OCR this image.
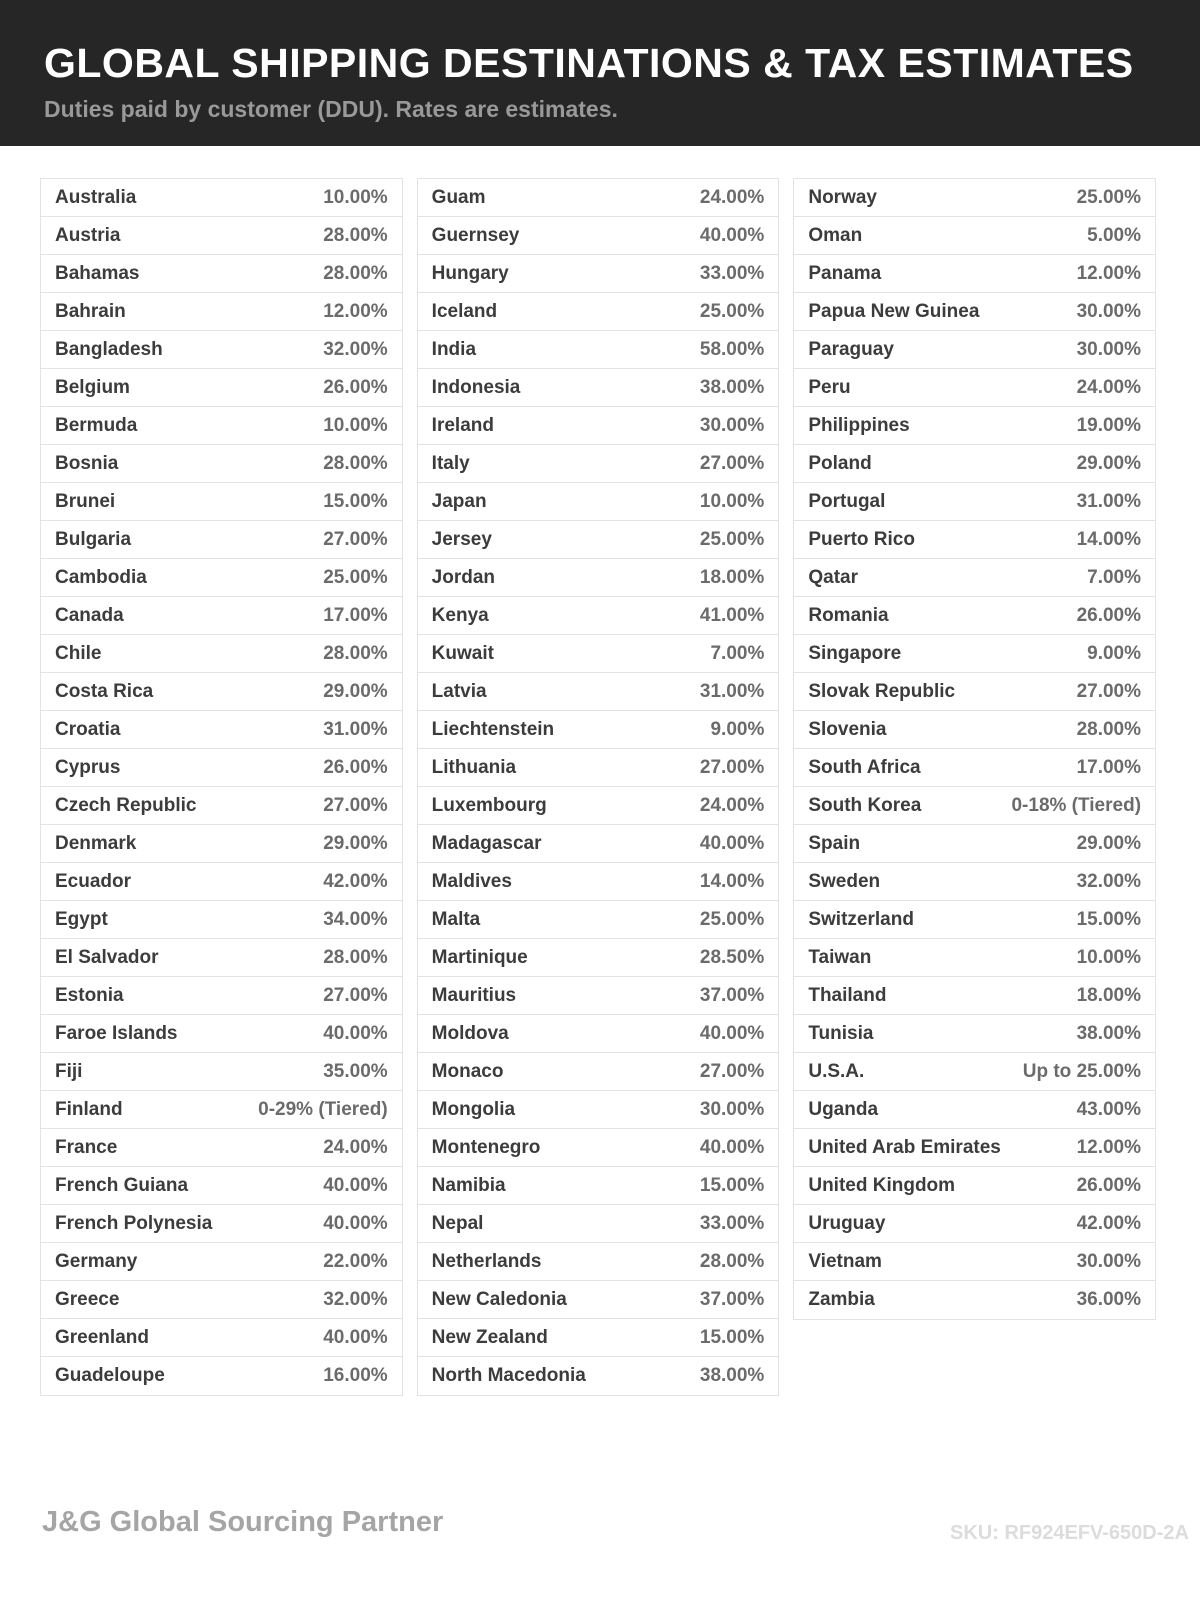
GLOBAL SHIPPING DESTINATIONS & TAX ESTIMATES
Duties paid by customer (DDU). Rates are estimates.
Australia	10.00%
Austria	28.00%
Bahamas	28.00%
Bahrain	12.00%
Bangladesh	32.00%
Belgium	26.00%
Bermuda	10.00%
Bosnia	28.00%
Brunei	15.00%
Bulgaria	27.00%
Cambodia	25.00%
Canada	17.00%
Chile	28.00%
Costa Rica	29.00%
Croatia	31.00%
Cyprus	26.00%
Czech Republic	27.00%
Denmark	29.00%
Ecuador	42.00%
Egypt	34.00%
El Salvador	28.00%
Estonia	27.00%
Faroe Islands	40.00%
Fiji	35.00%
Finland	0-29% (Tiered)
France	24.00%
French Guiana	40.00%
French Polynesia	40.00%
Germany	22.00%
Greece	32.00%
Greenland	40.00%
Guadeloupe	16.00%
Guam	24.00%
Guernsey	40.00%
Hungary	33.00%
Iceland	25.00%
India	58.00%
Indonesia	38.00%
Ireland	30.00%
Italy	27.00%
Japan	10.00%
Jersey	25.00%
Jordan	18.00%
Kenya	41.00%
Kuwait	7.00%
Latvia	31.00%
Liechtenstein	9.00%
Lithuania	27.00%
Luxembourg	24.00%
Madagascar	40.00%
Maldives	14.00%
Malta	25.00%
Martinique	28.50%
Mauritius	37.00%
Moldova	40.00%
Monaco	27.00%
Mongolia	30.00%
Montenegro	40.00%
Namibia	15.00%
Nepal	33.00%
Netherlands	28.00%
New Caledonia	37.00%
New Zealand	15.00%
North Macedonia	38.00%
Norway	25.00%
Oman	5.00%
Panama	12.00%
Papua New Guinea	30.00%
Paraguay	30.00%
Peru	24.00%
Philippines	19.00%
Poland	29.00%
Portugal	31.00%
Puerto Rico	14.00%
Qatar	7.00%
Romania	26.00%
Singapore	9.00%
Slovak Republic	27.00%
Slovenia	28.00%
South Africa	17.00%
South Korea	0-18% (Tiered)
Spain	29.00%
Sweden	32.00%
Switzerland	15.00%
Taiwan	10.00%
Thailand	18.00%
Tunisia	38.00%
U.S.A.	Up to 25.00%
Uganda	43.00%
United Arab Emirates	12.00%
United Kingdom	26.00%
Uruguay	42.00%
Vietnam	30.00%
Zambia	36.00%
J&G Global Sourcing Partner	SKU: RF924EFV-650D-2A
